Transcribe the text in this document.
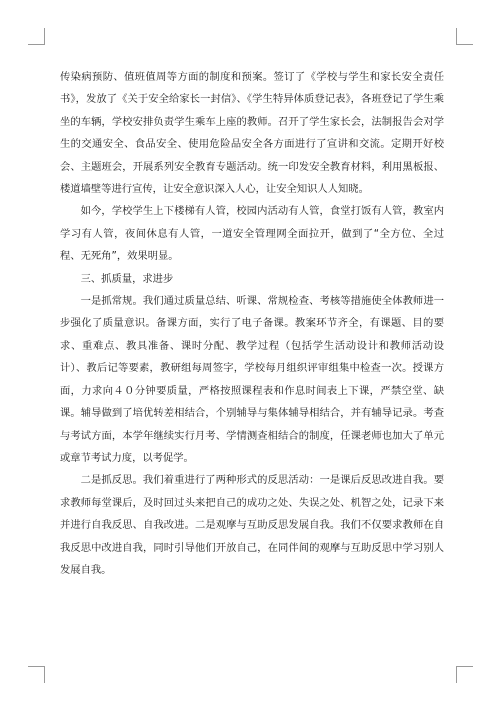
传染病预防、值班值周等方面的制度和预案。签订了《学校与学生和家长安全责任书》，发放了《关于安全给家长一封信》、《学生特异体质登记表》，各班登记了学生乘坐的车辆，学校安排负责学生乘车上座的教师。召开了学生家长会，法制报告会对学生的交通安全、食品安全、使用危险品安全各方面进行了宣讲和交流。定期开好校会、主题班会，开展系列安全教育专题活动。统一印发安全教育材料，利用黑板报、楼道墙壁等进行宣传，让安全意识深入人心，让安全知识人人知晓。

如今，学校学生上下楼梯有人管，校园内活动有人管，食堂打饭有人管，教室内学习有人管，夜间休息有人管，一道安全管理网全面拉开，做到了“全方位、全过程、无死角”，效果明显。

三、抓质量，求进步

一是抓常规。我们通过质量总结、听课、常规检查、考核等措施使全体教师进一步强化了质量意识。备课方面，实行了电子备课。教案环节齐全，有课题、目的要求、重难点、教具准备、课时分配、教学过程（包括学生活动设计和教师活动设计）、教后记等要素，教研组每周签字，学校每月组织评审组集中检查一次。授课方面，力求向４０分钟要质量，严格按照课程表和作息时间表上下课，严禁空堂、缺课。辅导做到了培优转差相结合，个别辅导与集体辅导相结合，并有辅导记录。考查与考试方面，本学年继续实行月考、学情测查相结合的制度，任课老师也加大了单元或章节考试力度，以考促学。

二是抓反思。我们着重进行了两种形式的反思活动：一是课后反思改进自我。要求教师每堂课后，及时回过头来把自己的成功之处、失误之处、机智之处，记录下来并进行自我反思、自我改进。二是观摩与互助反思发展自我。我们不仅要求教师在自我反思中改进自我，同时引导他们开放自己，在同伴间的观摩与互助反思中学习别人发展自我。
